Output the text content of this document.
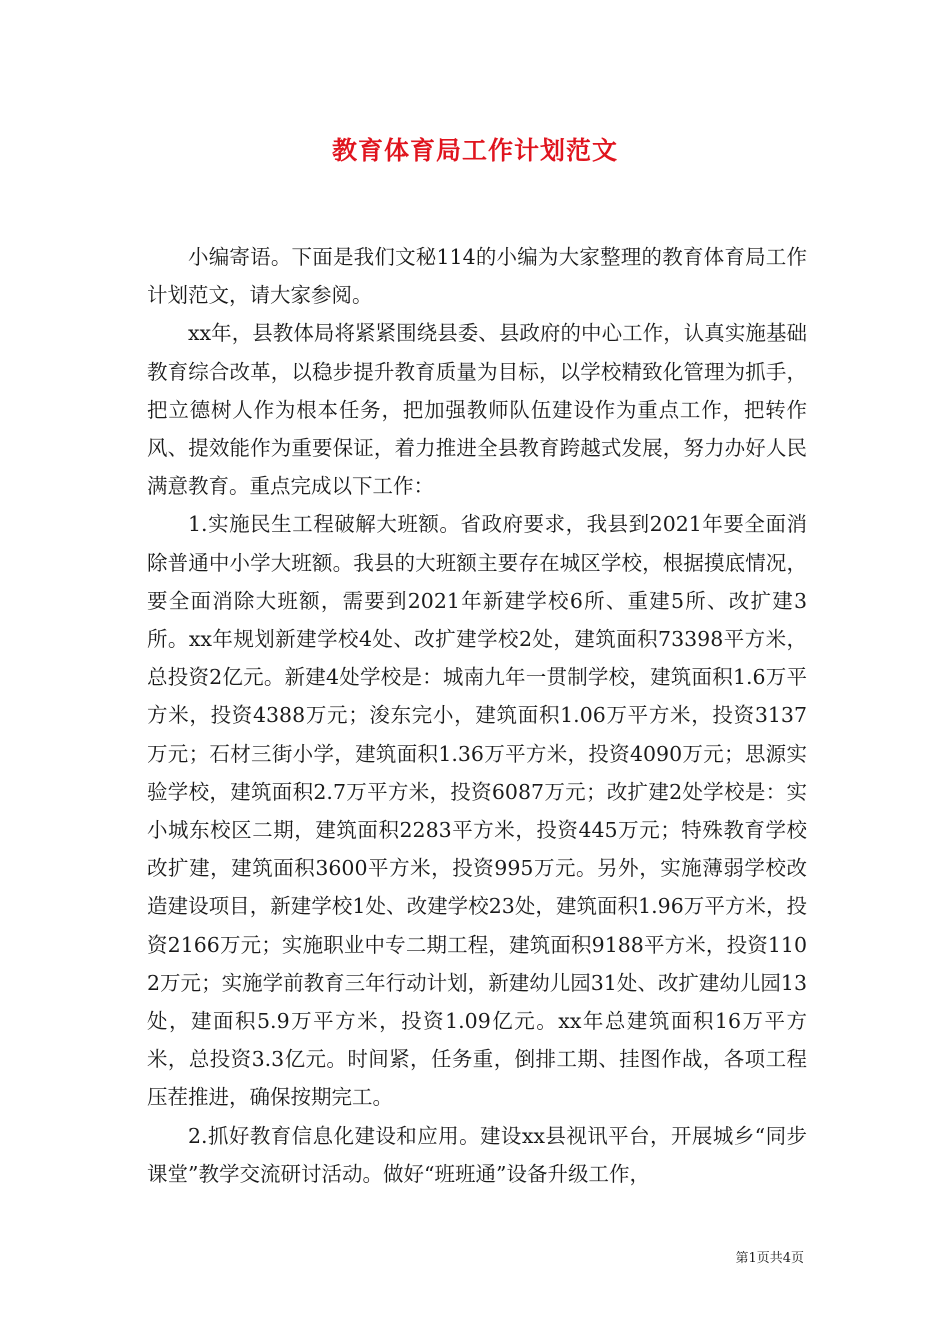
教育体育局工作计划范文

小编寄语。下面是我们文秘114的小编为大家整理的教育体育局工作计划范文，请大家参阅。

xx年，县教体局将紧紧围绕县委、县政府的中心工作，认真实施基础教育综合改革，以稳步提升教育质量为目标，以学校精致化管理为抓手，把立德树人作为根本任务，把加强教师队伍建设作为重点工作，把转作风、提效能作为重要保证，着力推进全县教育跨越式发展，努力办好人民满意教育。重点完成以下工作：

1.实施民生工程破解大班额。省政府要求，我县到2021年要全面消除普通中小学大班额。我县的大班额主要存在城区学校，根据摸底情况，要全面消除大班额，需要到2021年新建学校6所、重建5所、改扩建3所。xx年规划新建学校4处、改扩建学校2处，建筑面积73398平方米，总投资2亿元。新建4处学校是：城南九年一贯制学校，建筑面积1.6万平方米，投资4388万元；浚东完小，建筑面积1.06万平方米，投资3137万元；石材三街小学，建筑面积1.36万平方米，投资4090万元；思源实验学校，建筑面积2.7万平方米，投资6087万元；改扩建2处学校是：实小城东校区二期，建筑面积2283平方米，投资445万元；特殊教育学校改扩建，建筑面积3600平方米，投资995万元。另外，实施薄弱学校改造建设项目，新建学校1处、改建学校23处，建筑面积1.96万平方米，投资2166万元；实施职业中专二期工程，建筑面积9188平方米，投资1102万元；实施学前教育三年行动计划，新建幼儿园31处、改扩建幼儿园13处，建面积5.9万平方米，投资1.09亿元。xx年总建筑面积16万平方米，总投资3.3亿元。时间紧，任务重，倒排工期、挂图作战，各项工程压茬推进，确保按期完工。

2.抓好教育信息化建设和应用。建设xx县视讯平台，开展城乡“同步课堂”教学交流研讨活动。做好“班班通”设备升级工作，

第1页共4页
